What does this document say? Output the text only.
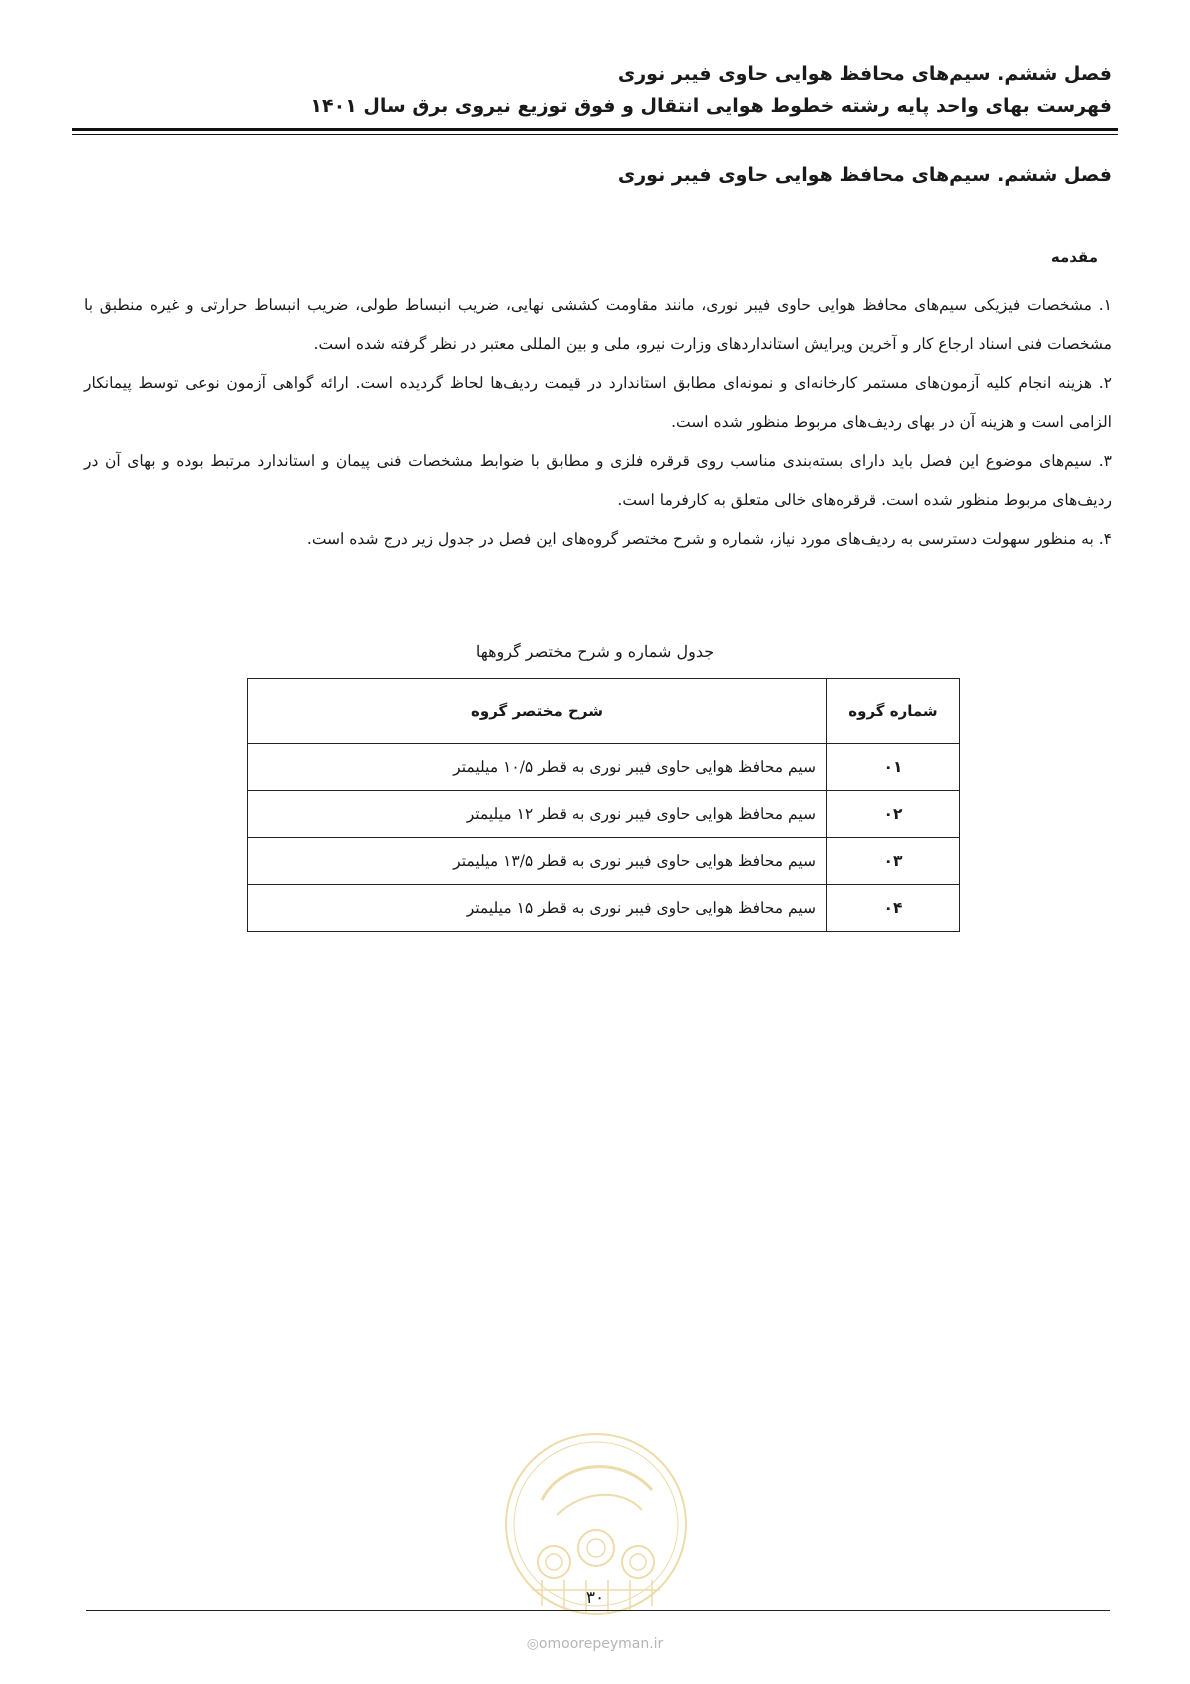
فصل ششم. سیم‌های محافظ هوایی حاوی فیبر نوری
فهرست بهای واحد پایه رشته خطوط هوایی انتقال و فوق توزیع نیروی برق سال ۱۴۰۱
فصل ششم. سیم‌های محافظ هوایی حاوی فیبر نوری
مقدمه

۱. مشخصات فیزیکی سیم‌های محافظ هوایی حاوی فیبر نوری، مانند مقاومت کششی نهایی، ضریب انبساط طولی، ضریب انبساط حرارتی و غیره منطبق با مشخصات فنی اسناد ارجاع کار و آخرین ویرایش استانداردهای وزارت نیرو، ملی و بین المللی معتبر در نظر گرفته شده است.

۲. هزینه انجام کلیه آزمون‌های مستمر کارخانه‌ای و نمونه‌ای مطابق استاندارد در قیمت ردیف‌ها لحاظ گردیده است. ارائه گواهی آزمون نوعی توسط پیمانکار الزامی است و هزینه آن در بهای ردیف‌های مربوط منظور شده است.

۳. سیم‌های موضوع این فصل باید دارای بسته‌بندی مناسب روی قرقره فلزی و مطابق با ضوابط مشخصات فنی پیمان و استاندارد مرتبط بوده و بهای آن در ردیف‌های مربوط منظور شده است. قرقره‌های خالی متعلق به کارفرما است.

۴. به منظور سهولت دسترسی به ردیف‌های مورد نیاز، شماره و شرح مختصر گروه‌های این فصل در جدول زیر درج شده است.

جدول شماره و شرح مختصر گروهها
شماره گروه	شرح مختصر گروه
۰۱	سیم محافظ هوایی حاوی فیبر نوری به قطر ۱۰/۵ میلیمتر
۰۲	سیم محافظ هوایی حاوی فیبر نوری به قطر ۱۲ میلیمتر
۰۳	سیم محافظ هوایی حاوی فیبر نوری به قطر ۱۳/۵ میلیمتر
۰۴	سیم محافظ هوایی حاوی فیبر نوری به قطر ۱۵ میلیمتر
۳۰
◎omoorepeyman.ir
